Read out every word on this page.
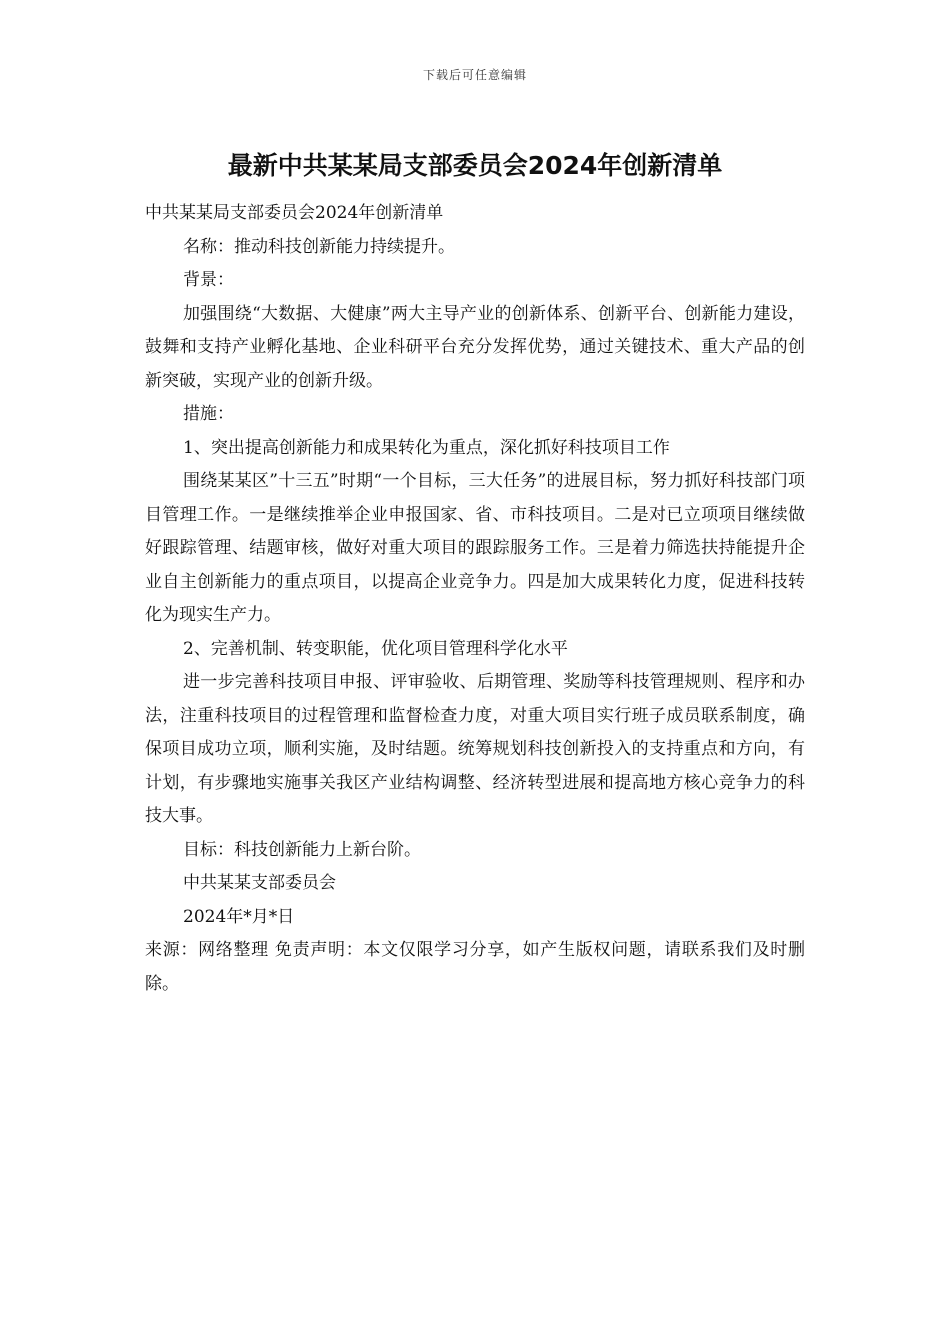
下载后可任意编辑
最新中共某某局支部委员会2024年创新清单

中共某某局支部委员会2024年创新清单

名称：推动科技创新能力持续提升。

背景：

加强围绕“大数据、大健康”两大主导产业的创新体系、创新平台、创新能力建设，鼓舞和支持产业孵化基地、企业科研平台充分发挥优势，通过关键技术、重大产品的创新突破，实现产业的创新升级。

措施：

1、突出提高创新能力和成果转化为重点，深化抓好科技项目工作

围绕某某区”十三五”时期“一个目标，三大任务”的进展目标，努力抓好科技部门项目管理工作。一是继续推举企业申报国家、省、市科技项目。二是对已立项项目继续做好跟踪管理、结题审核，做好对重大项目的跟踪服务工作。三是着力筛选扶持能提升企业自主创新能力的重点项目，以提高企业竞争力。四是加大成果转化力度，促进科技转化为现实生产力。

2、完善机制、转变职能，优化项目管理科学化水平

进一步完善科技项目申报、评审验收、后期管理、奖励等科技管理规则、程序和办法，注重科技项目的过程管理和监督检查力度，对重大项目实行班子成员联系制度，确保项目成功立项，顺利实施，及时结题。统筹规划科技创新投入的支持重点和方向，有计划，有步骤地实施事关我区产业结构调整、经济转型进展和提高地方核心竞争力的科技大事。

目标：科技创新能力上新台阶。

中共某某支部委员会

2024年*月*日

来源：网络整理 免责声明：本文仅限学习分享，如产生版权问题，请联系我们及时删除。
